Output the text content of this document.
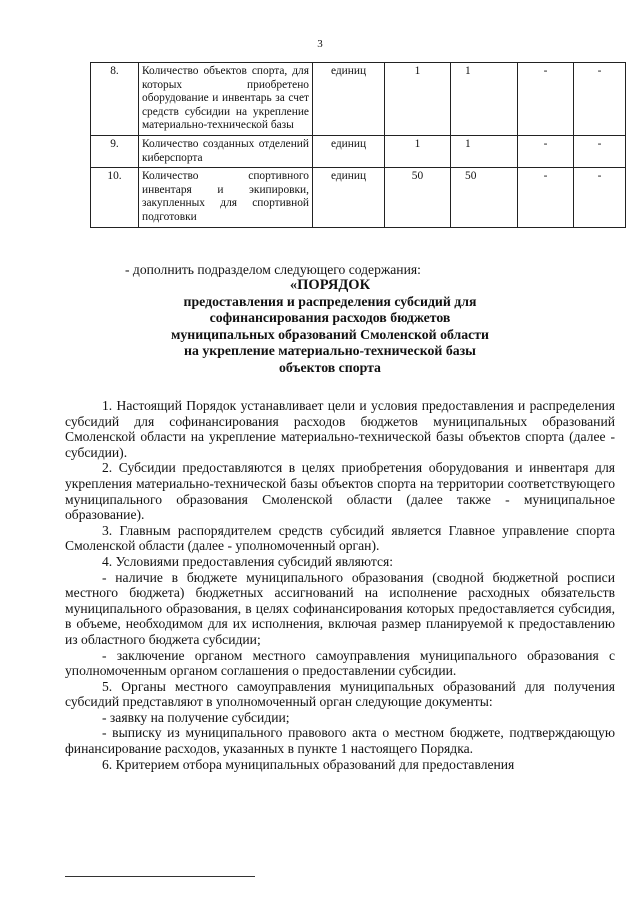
3
8.	Количество объектов спорта, для которых приобретено оборудование и инвентарь за счет средств субсидии на укрепление материально-технической базы	единиц	1	1	-	-
9.	Количество созданных отделений киберспорта	единиц	1	1	-	-
10.	Количество спортивного инвентаря и экипировки, закупленных для спортивной подготовки	единиц	50	50	-	-
- дополнить подразделом следующего содержания:
«ПОРЯДОК
предоставления и распределения субсидий для
софинансирования расходов бюджетов
муниципальных образований Смоленской области
на укрепление материально-технической базы
объектов спорта

1. Настоящий Порядок устанавливает цели и условия предоставления и распределения субсидий для софинансирования расходов бюджетов муниципальных образований Смоленской области на укрепление материально-технической базы объектов спорта (далее - субсидии).

2. Субсидии предоставляются в целях приобретения оборудования и инвентаря для укрепления материально-технической базы объектов спорта на территории соответствующего муниципального образования Смоленской области (далее также - муниципальное образование).

3. Главным распорядителем средств субсидий является Главное управление спорта Смоленской области (далее - уполномоченный орган).

4. Условиями предоставления субсидий являются:

- наличие в бюджете муниципального образования (сводной бюджетной росписи местного бюджета) бюджетных ассигнований на исполнение расходных обязательств муниципального образования, в целях софинансирования которых предоставляется субсидия, в объеме, необходимом для их исполнения, включая размер планируемой к предоставлению из областного бюджета субсидии;

- заключение органом местного самоуправления муниципального образования с уполномоченным органом соглашения о предоставлении субсидии.

5. Органы местного самоуправления муниципальных образований для получения субсидий представляют в уполномоченный орган следующие документы:

- заявку на получение субсидии;

- выписку из муниципального правового акта о местном бюджете, подтверждающую финансирование расходов, указанных в пункте 1 настоящего Порядка.

6. Критерием отбора муниципальных образований для предоставления
